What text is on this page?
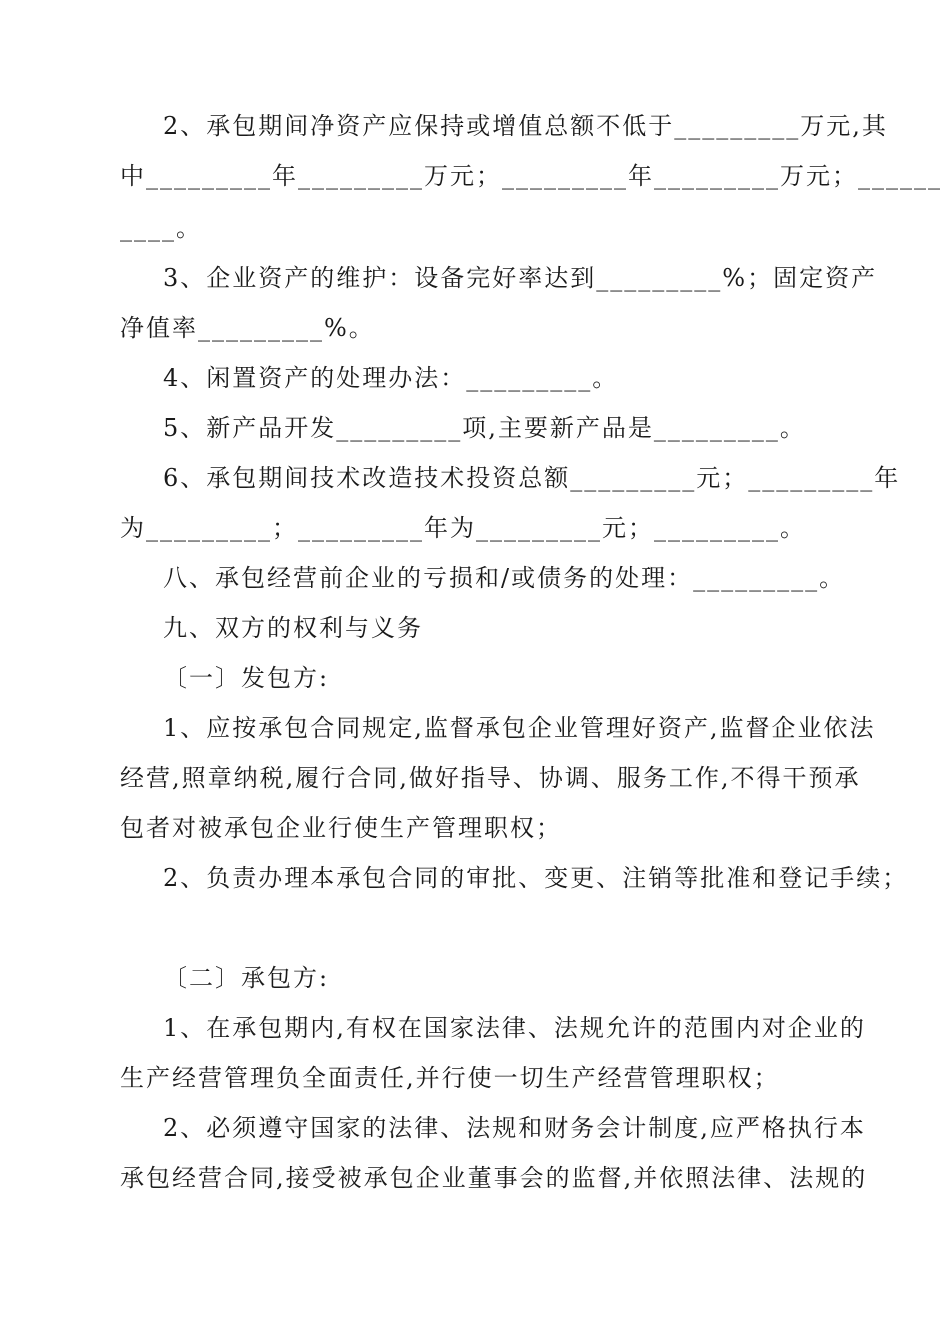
2、承包期间净资产应保持或增值总额不低于_________万元,其
中_________年_________万元；_________年_________万元；______
____。
3、企业资产的维护：设备完好率达到_________%；固定资产
净值率_________%。
4、闲置资产的处理办法：_________。
5、新产品开发_________项,主要新产品是_________。
6、承包期间技术改造技术投资总额_________元；_________年
为_________；_________年为_________元；_________。
八、承包经营前企业的亏损和/或债务的处理：_________。
九、双方的权利与义务
〔一〕发包方:
1、应按承包合同规定,监督承包企业管理好资产,监督企业依法
经营,照章纳税,履行合同,做好指导、协调、服务工作,不得干预承
包者对被承包企业行使生产管理职权；
2、负责办理本承包合同的审批、变更、注销等批准和登记手续；
〔二〕承包方:
1、在承包期内,有权在国家法律、法规允许的范围内对企业的
生产经营管理负全面责任,并行使一切生产经营管理职权；
2、必须遵守国家的法律、法规和财务会计制度,应严格执行本
承包经营合同,接受被承包企业董事会的监督,并依照法律、法规的
